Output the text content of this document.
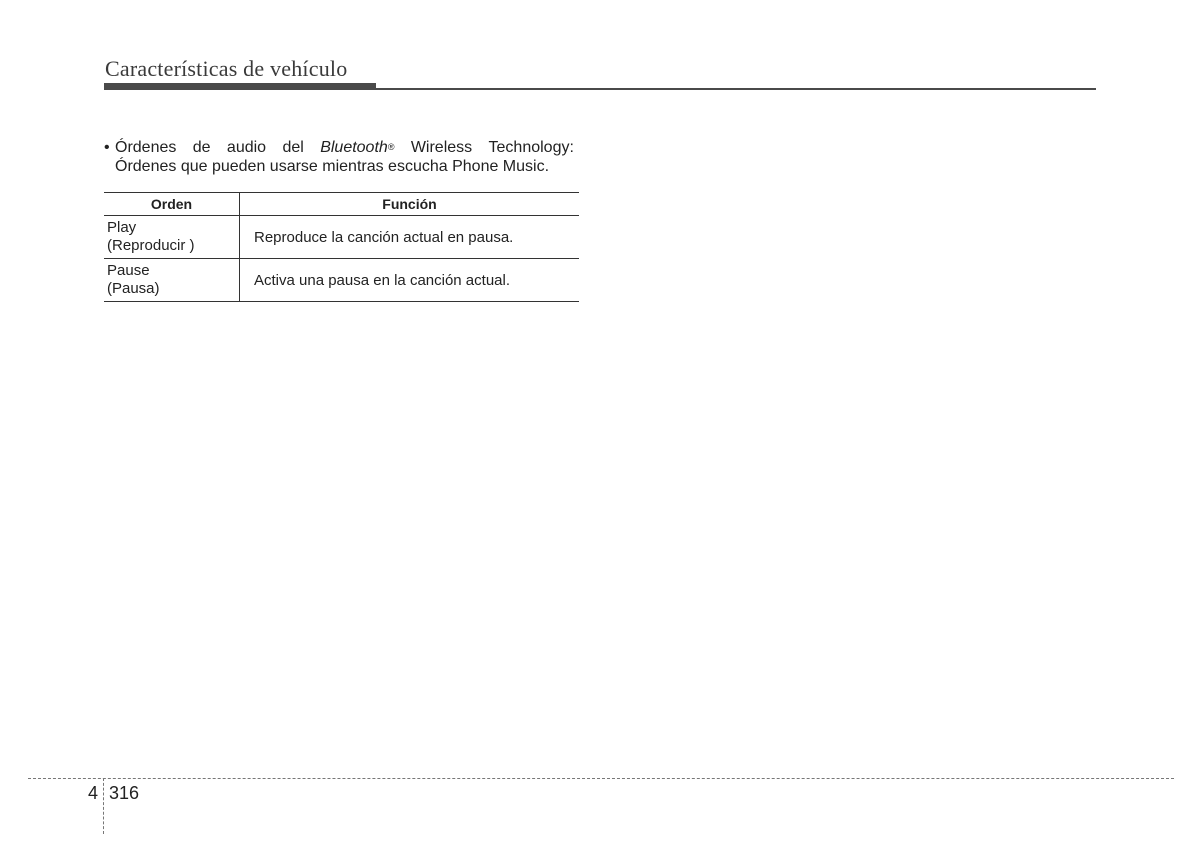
Características de vehículo
• Órdenes de audio del Bluetooth® Wireless Technology:
Órdenes que pueden usarse mientras escucha Phone Music.
Orden	Función

Play
(Reproducir )	Reproduce la canción actual en pausa.

Pause
(Pausa)	Activa una pausa en la canción actual.
4 316
